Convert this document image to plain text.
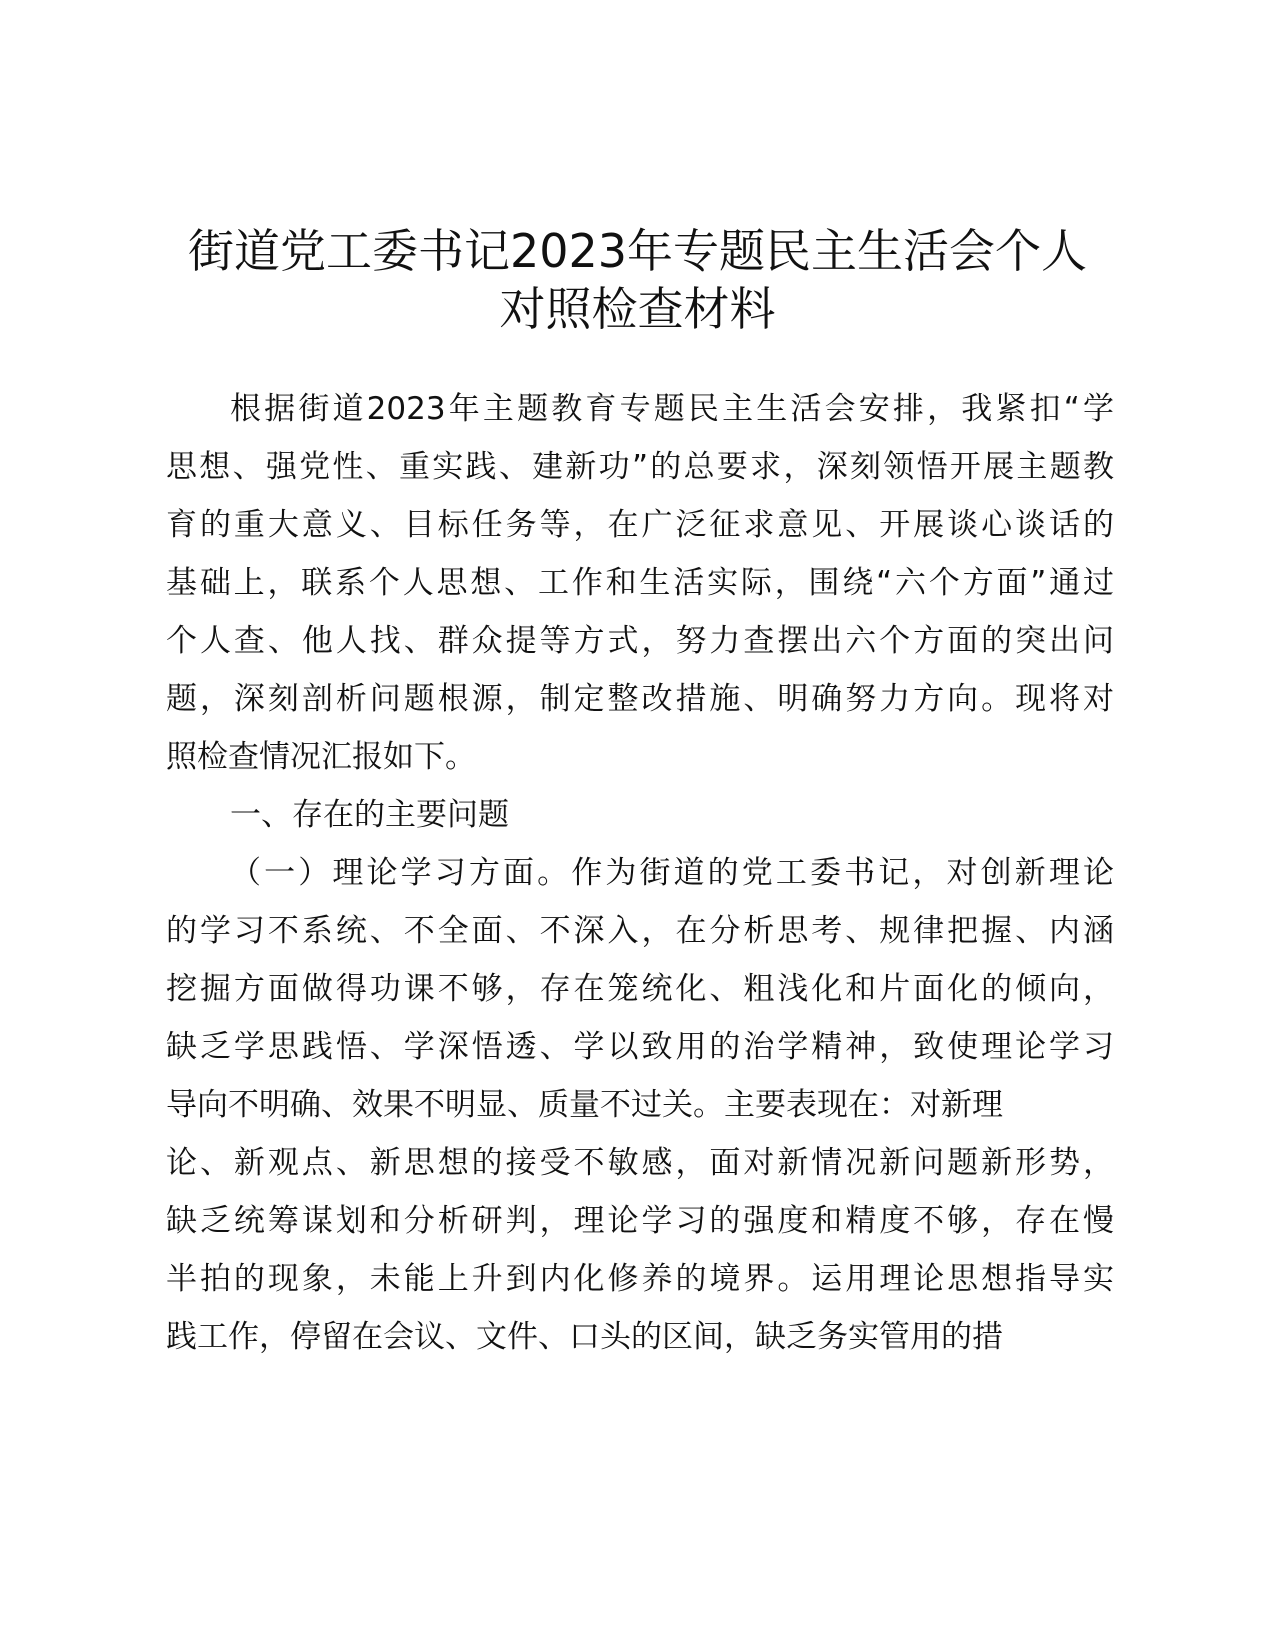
街道党工委书记2023年专题民主生活会个人
对照检查材料
根据街道2023年主题教育专题民主生活会安排，我紧扣“学
思想、强党性、重实践、建新功”的总要求，深刻领悟开展主题教
育的重大意义、目标任务等，在广泛征求意见、开展谈心谈话的
基础上，联系个人思想、工作和生活实际，围绕“六个方面”通过
个人查、他人找、群众提等方式，努力查摆出六个方面的突出问
题，深刻剖析问题根源，制定整改措施、明确努力方向。现将对
照检查情况汇报如下。
一、存在的主要问题
（一）理论学习方面。作为街道的党工委书记，对创新理论
的学习不系统、不全面、不深入，在分析思考、规律把握、内涵
挖掘方面做得功课不够，存在笼统化、粗浅化和片面化的倾向，
缺乏学思践悟、学深悟透、学以致用的治学精神，致使理论学习
导向不明确、效果不明显、质量不过关。主要表现在：对新理
论、新观点、新思想的接受不敏感，面对新情况新问题新形势，
缺乏统筹谋划和分析研判，理论学习的强度和精度不够，存在慢
半拍的现象，未能上升到内化修养的境界。运用理论思想指导实
践工作，停留在会议、文件、口头的区间，缺乏务实管用的措
